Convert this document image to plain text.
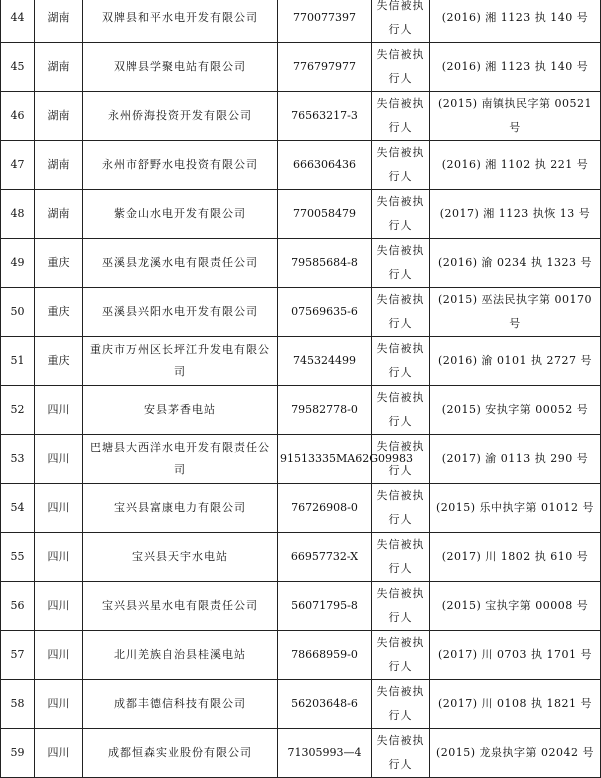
44	湖南	双牌县和平水电开发有限公司	770077397	失信被执行人	(2016) 湘 1123 执 140 号
45	湖南	双牌县学聚电站有限公司	776797977	失信被执行人	(2016) 湘 1123 执 140 号
46	湖南	永州侨海投资开发有限公司	76563217-3	失信被执行人	(2015) 南镇执民字第 00521 号
47	湖南	永州市舒野水电投资有限公司	666306436	失信被执行人	(2016) 湘 1102 执 221 号
48	湖南	紫金山水电开发有限公司	770058479	失信被执行人	(2017) 湘 1123 执恢 13 号
49	重庆	巫溪县龙溪水电有限责任公司	79585684-8	失信被执行人	(2016) 渝 0234 执 1323 号
50	重庆	巫溪县兴阳水电开发有限公司	07569635-6	失信被执行人	(2015) 巫法民执字第 00170 号
51	重庆	重庆市万州区长坪江升发电有限公司	745324499	失信被执行人	(2016) 渝 0101 执 2727 号
52	四川	安县茅香电站	79582778-0	失信被执行人	(2015) 安执字第 00052 号
53	四川	巴塘县大西洋水电开发有限责任公司	91513335MA62G09983	失信被执行人	(2017) 渝 0113 执 290 号
54	四川	宝兴县富康电力有限公司	76726908-0	失信被执行人	(2015) 乐中执字第 01012 号
55	四川	宝兴县天宇水电站	66957732-X	失信被执行人	(2017) 川 1802 执 610 号
56	四川	宝兴县兴星水电有限责任公司	56071795-8	失信被执行人	(2015) 宝执字第 00008 号
57	四川	北川羌族自治县桂溪电站	78668959-0	失信被执行人	(2017) 川 0703 执 1701 号
58	四川	成都丰德信科技有限公司	56203648-6	失信被执行人	(2017) 川 0108 执 1821 号
59	四川	成都恒森实业股份有限公司	71305993—4	失信被执行人	(2015) 龙泉执字第 02042 号
